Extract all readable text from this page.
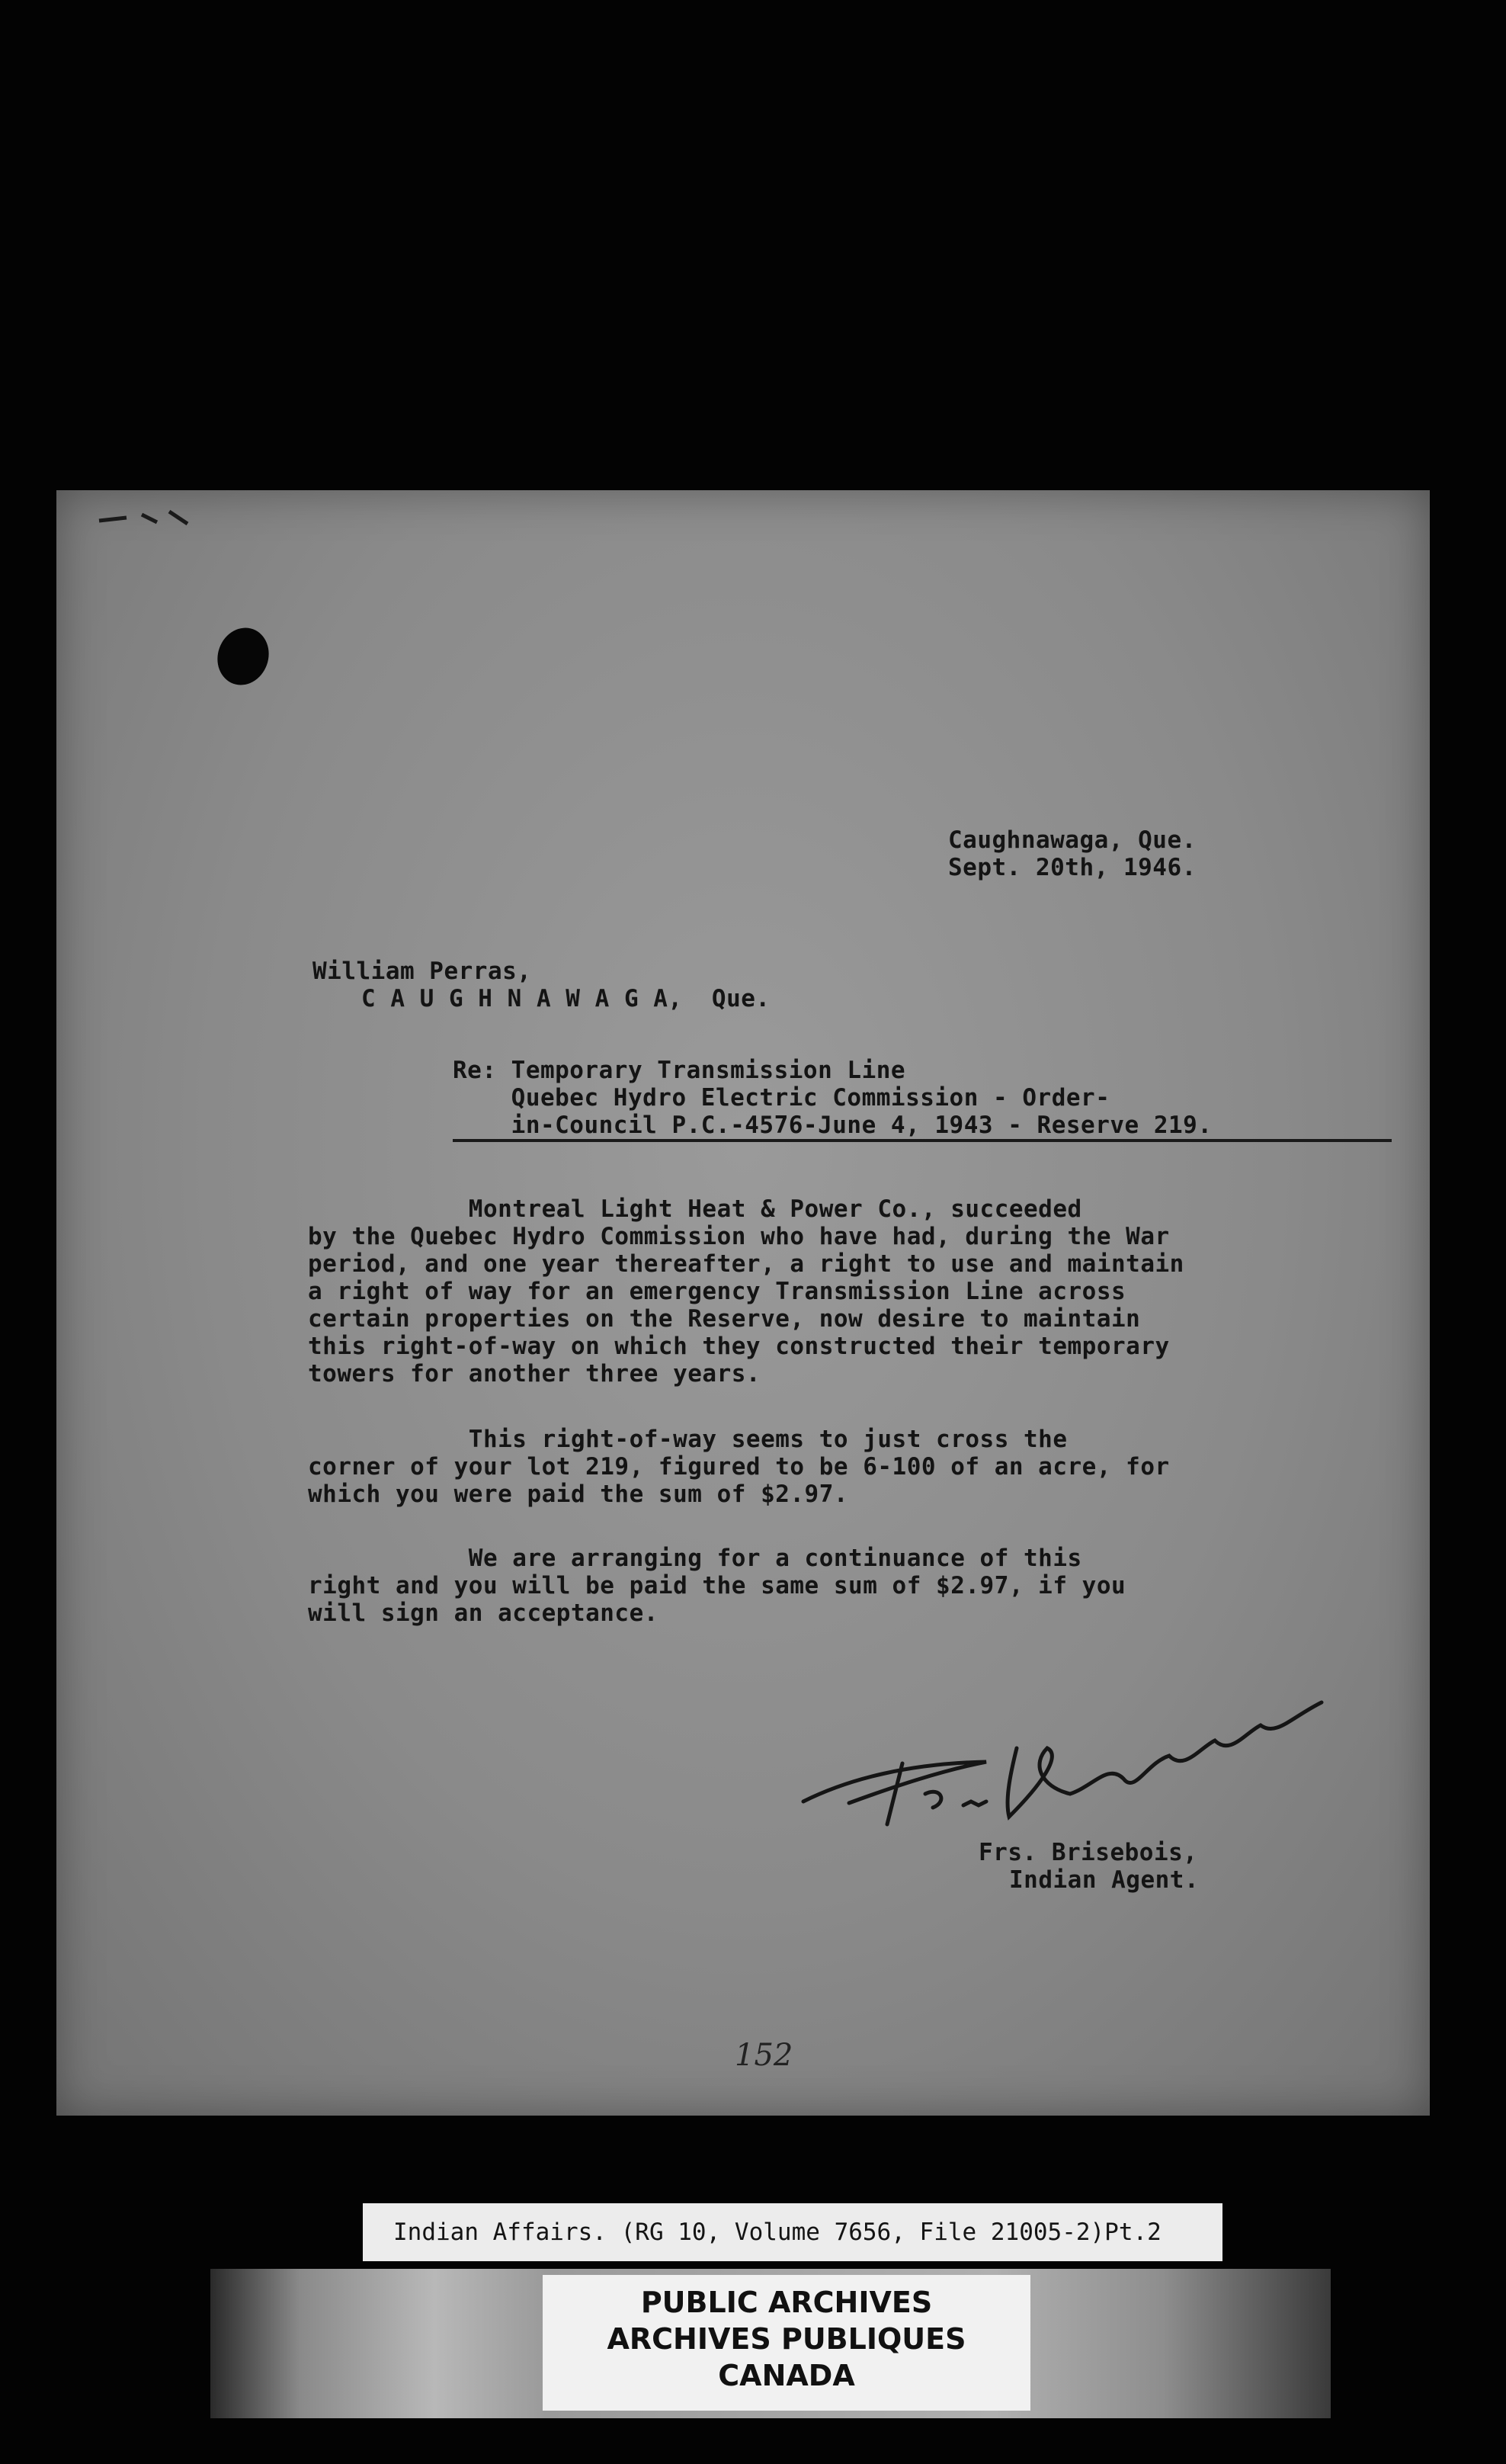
Caughnawaga, Que.

Sept. 20th, 1946.

William Perras,

C A U G H N A W A G A,  Que.

Re: Temporary Transmission Line

Quebec Hydro Electric Commission - Order-

in-Council P.C.-4576-June 4, 1943 - Reserve 219.

Montreal Light Heat & Power Co., succeeded

by the Quebec Hydro Commission who have had, during the War

period, and one year thereafter, a right to use and maintain

a right of way for an emergency Transmission Line across

certain properties on the Reserve, now desire to maintain

this right-of-way on which they constructed their temporary

towers for another three years.

This right-of-way seems to just cross the

corner of your lot 219, figured to be 6-100 of an acre, for

which you were paid the sum of $2.97.

We are arranging for a continuance of this

right and you will be paid the same sum of $2.97, if you

will sign an acceptance.

Frs. Brisebois,

Indian Agent.

152
Indian Affairs. (RG 10, Volume 7656, File 21005-2)Pt.2
PUBLIC ARCHIVES
ARCHIVES PUBLIQUES
CANADA
